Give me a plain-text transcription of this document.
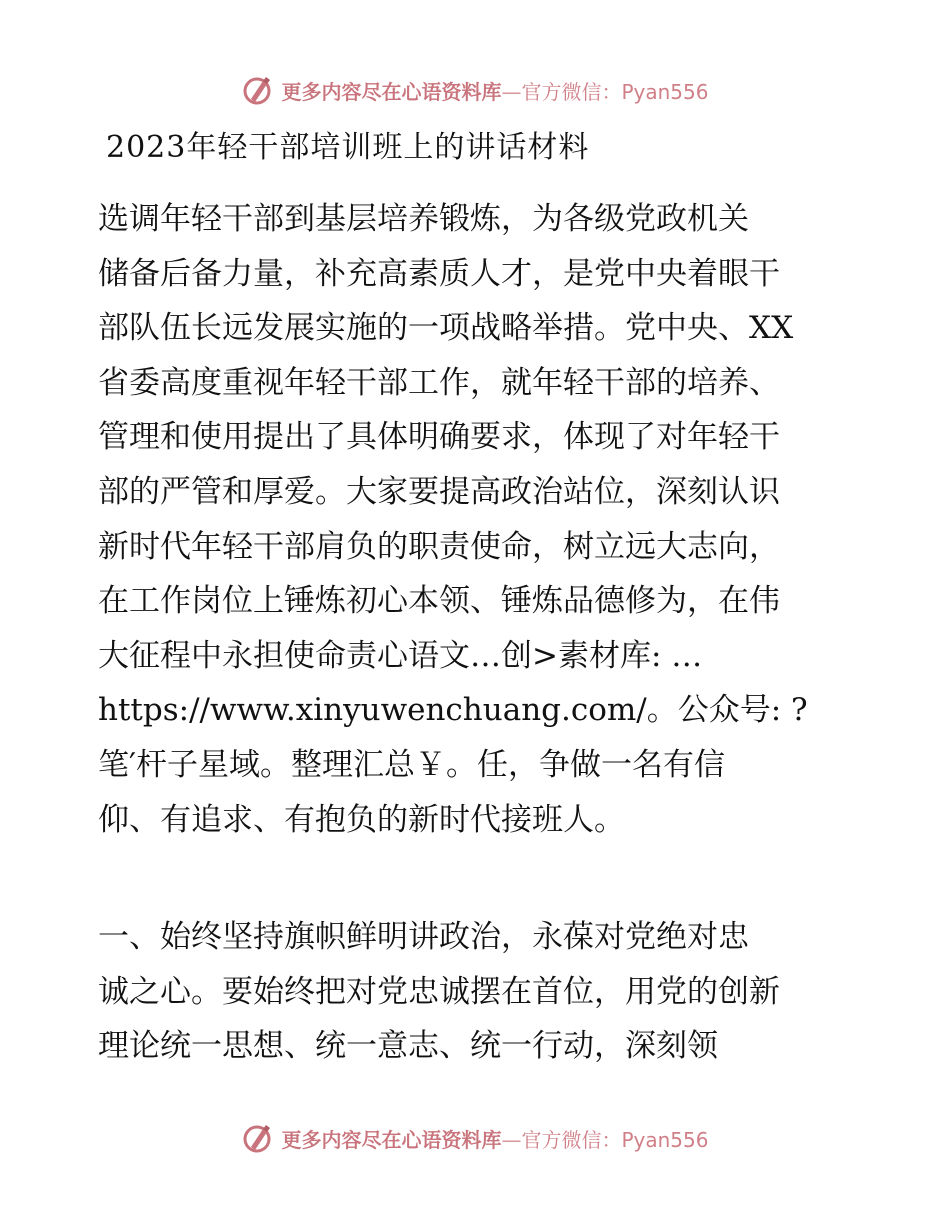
更多内容尽在心语资料库—官方微信：Pyan556
2023年轻干部培训班上的讲话材料
选调年轻干部到基层培养锻炼，为各级党政机关
储备后备力量，补充高素质人才，是党中央着眼干
部队伍长远发展实施的一项战略举措。党中央、XX
省委高度重视年轻干部工作，就年轻干部的培养、
管理和使用提出了具体明确要求，体现了对年轻干
部的严管和厚爱。大家要提高政治站位，深刻认识
新时代年轻干部肩负的职责使命，树立远大志向，
在工作岗位上锤炼初心本领、锤炼品德修为，在伟
大征程中永担使命责心语文…创>素材库: …
https://www.xinyuwenchuang.com/。公众号: ?
笔′杆子星域。整理汇总￥。任，争做一名有信
仰、有追求、有抱负的新时代接班人。
一、始终坚持旗帜鲜明讲政治，永葆对党绝对忠
诚之心。要始终把对党忠诚摆在首位，用党的创新
理论统一思想、统一意志、统一行动，深刻领
更多内容尽在心语资料库—官方微信：Pyan556
